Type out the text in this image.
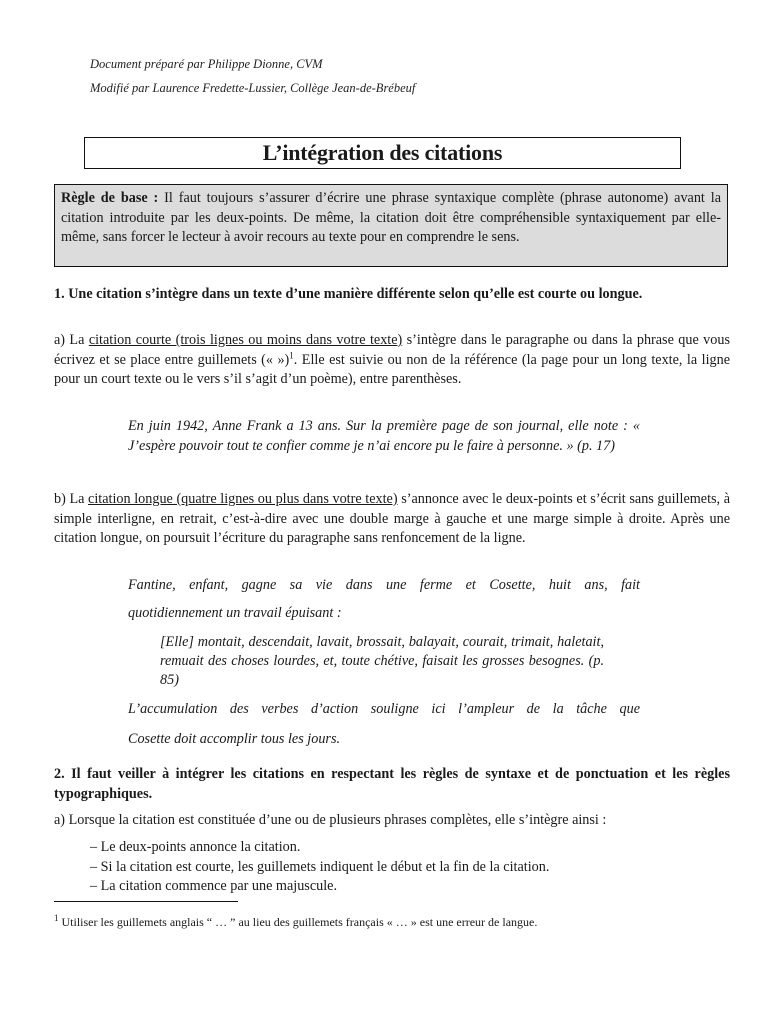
Document préparé par Philippe Dionne, CVM
Modifié par Laurence Fredette-Lussier, Collège Jean-de-Brébeuf
L’intégration des citations
Règle de base : Il faut toujours s’assurer d’écrire une phrase syntaxique complète (phrase autonome) avant la citation introduite par les deux-points. De même, la citation doit être compréhensible syntaxiquement par elle-même, sans forcer le lecteur à avoir recours au texte pour en comprendre le sens.

1. Une citation s’intègre dans un texte d’une manière différente selon qu’elle est courte ou longue.

a) La citation courte (trois lignes ou moins dans votre texte) s’intègre dans le paragraphe ou dans la phrase que vous écrivez et se place entre guillemets (« »)$^1$. Elle est suivie ou non de la référence (la page pour un long texte, la ligne pour un court texte ou le vers s’il s’agit d’un poème), entre parenthèses.

En juin 1942, Anne Frank a 13 ans. Sur la première page de son journal, elle note : « J’espère pouvoir tout te confier comme je n’ai encore pu le faire à personne. » (p. 17)

b) La citation longue (quatre lignes ou plus dans votre texte) s’annonce avec le deux-points et s’écrit sans guillemets, à simple interligne, en retrait, c’est-à-dire avec une double marge à gauche et une marge simple à droite. Après une citation longue, on poursuit l’écriture du paragraphe sans renfoncement de la ligne.

Fantine, enfant, gagne sa vie dans une ferme et Cosette, huit ans, fait
quotidiennement un travail épuisant :
[Elle] montait, descendait, lavait, brossait, balayait, courait, trimait, haletait, remuait des choses lourdes, et, toute chétive, faisait les grosses besognes. (p. 85)
L’accumulation des verbes d’action souligne ici l’ampleur de la tâche que
Cosette doit accomplir tous les jours.

2. Il faut veiller à intégrer les citations en respectant les règles de syntaxe et de ponctuation et les règles typographiques.

a) Lorsque la citation est constituée d’une ou de plusieurs phrases complètes, elle s’intègre ainsi :

– Le deux-points annonce la citation.
– Si la citation est courte, les guillemets indiquent le début et la fin de la citation.
– La citation commence par une majuscule.
$^1$ Utiliser les guillemets anglais “ … ” au lieu des guillemets français « … » est une erreur de langue.
